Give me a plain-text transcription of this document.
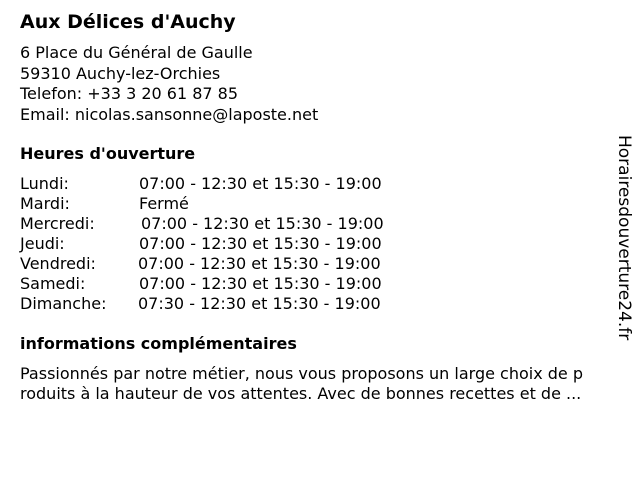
Aux Délices d'Auchy
6 Place du Général de Gaulle
59310 Auchy-lez-Orchies
Telefon: +33 3 20 61 87 85
Email: nicolas.sansonne@laposte.net
Heures d'ouverture
Lundi:	07:00 - 12:30 et 15:30 - 19:00
Mardi:	Fermé
Mercredi:	07:00 - 12:30 et 15:30 - 19:00
Jeudi:	07:00 - 12:30 et 15:30 - 19:00
Vendredi:	07:00 - 12:30 et 15:30 - 19:00
Samedi:	07:00 - 12:30 et 15:30 - 19:00
Dimanche: 07:30 - 12:30 et 15:30 - 19:00
informations complémentaires
Passionnés par notre métier, nous vous proposons un large choix de p
roduits à la hauteur de vos attentes. Avec de bonnes recettes et de ...
Horairesdouverture24.fr
